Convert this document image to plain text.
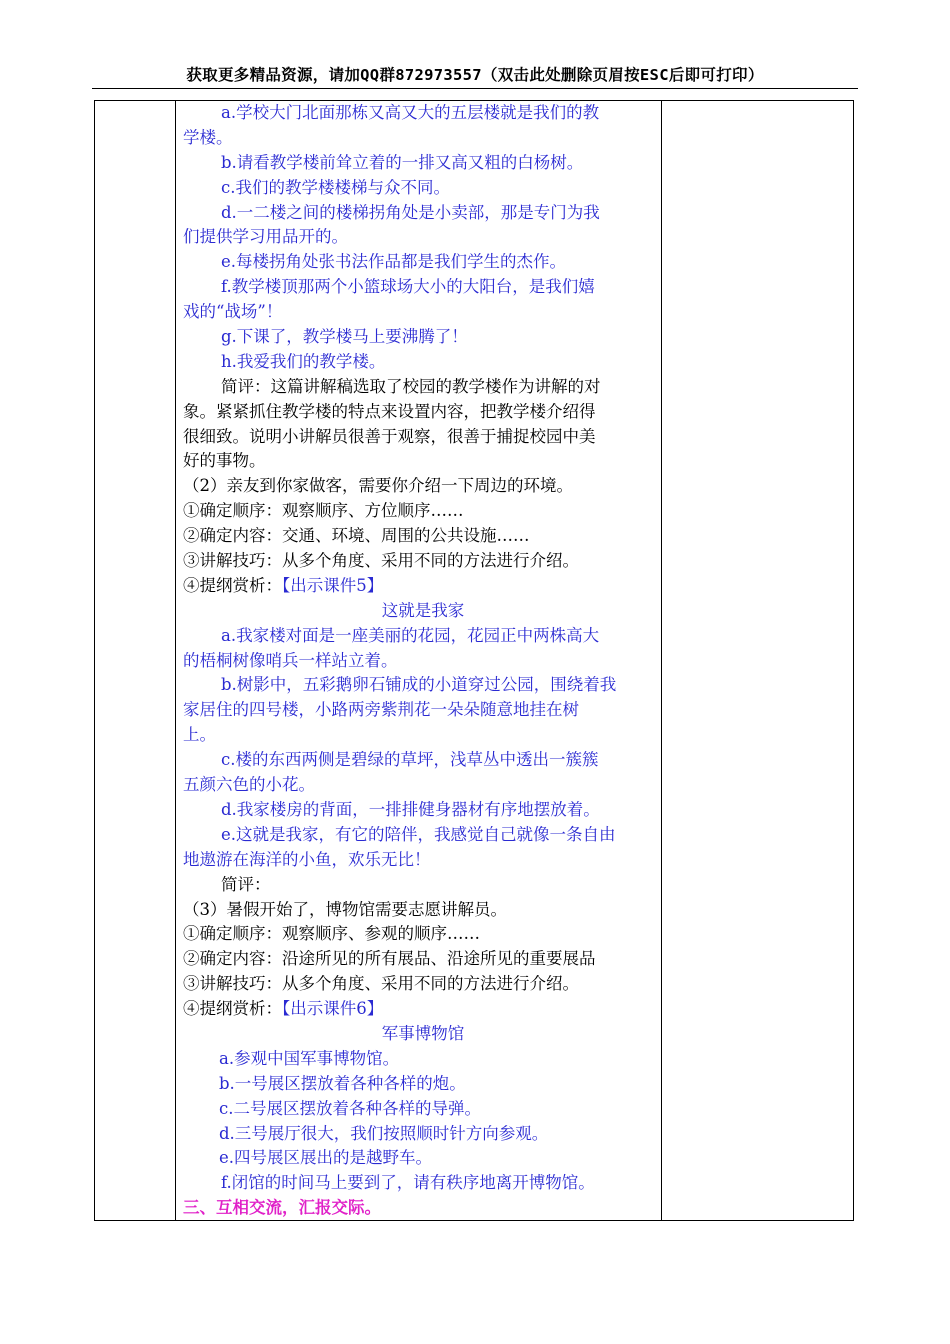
获取更多精品资源，请加QQ群872973557（双击此处删除页眉按ESC后即可打印）
a.学校大门北面那栋又高又大的五层楼就是我们的教
学楼。
b.请看教学楼前耸立着的一排又高又粗的白杨树。
c.我们的教学楼楼梯与众不同。
d.一二楼之间的楼梯拐角处是小卖部，那是专门为我
们提供学习用品开的。
e.每楼拐角处张书法作品都是我们学生的杰作。
f.教学楼顶那两个小篮球场大小的大阳台，是我们嬉
戏的“战场”！
g.下课了，教学楼马上要沸腾了！
h.我爱我们的教学楼。
简评：这篇讲解稿选取了校园的教学楼作为讲解的对
象。紧紧抓住教学楼的特点来设置内容，把教学楼介绍得
很细致。说明小讲解员很善于观察，很善于捕捉校园中美
好的事物。
（2）亲友到你家做客，需要你介绍一下周边的环境。
①确定顺序：观察顺序、方位顺序……
②确定内容：交通、环境、周围的公共设施……
③讲解技巧：从多个角度、采用不同的方法进行介绍。
④提纲赏析：【出示课件5】
这就是我家
a.我家楼对面是一座美丽的花园，花园正中两株高大
的梧桐树像哨兵一样站立着。
b.树影中，五彩鹅卵石铺成的小道穿过公园，围绕着我
家居住的四号楼，小路两旁紫荆花一朵朵随意地挂在树
上。
c.楼的东西两侧是碧绿的草坪，浅草丛中透出一簇簇
五颜六色的小花。
d.我家楼房的背面，一排排健身器材有序地摆放着。
e.这就是我家，有它的陪伴，我感觉自己就像一条自由
地遨游在海洋的小鱼，欢乐无比！
简评：
（3）暑假开始了，博物馆需要志愿讲解员。
①确定顺序：观察顺序、参观的顺序……
②确定内容：沿途所见的所有展品、沿途所见的重要展品
③讲解技巧：从多个角度、采用不同的方法进行介绍。
④提纲赏析：【出示课件6】
军事博物馆
a.参观中国军事博物馆。
b.一号展区摆放着各种各样的炮。
c.二号展区摆放着各种各样的导弹。
d.三号展厅很大，我们按照顺时针方向参观。
e.四号展区展出的是越野车。
f.闭馆的时间马上要到了，请有秩序地离开博物馆。
三、互相交流，汇报交际。
